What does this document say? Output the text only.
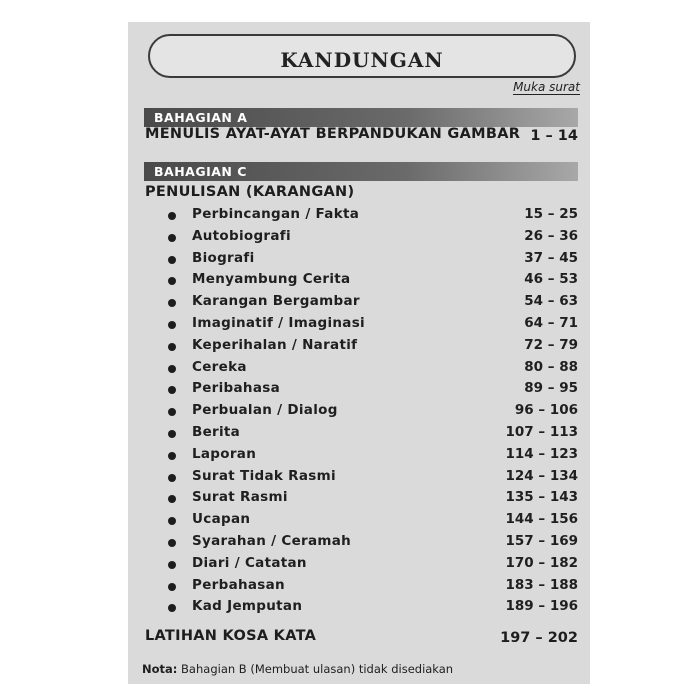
KANDUNGAN
Muka surat
BAHAGIAN A
MENULIS AYAT-AYAT BERPANDUKAN GAMBAR 1 – 14
BAHAGIAN C
PENULISAN (KARANGAN)
Perbincangan / Fakta	15 – 25
Autobiografi	26 – 36
Biografi	37 – 45
Menyambung Cerita	46 – 53
Karangan Bergambar	54 – 63
Imaginatif / Imaginasi	64 – 71
Keperihalan / Naratif	72 – 79
Cereka	80 – 88
Peribahasa	89 – 95
Perbualan / Dialog	96 – 106
Berita	107 – 113
Laporan	114 – 123
Surat Tidak Rasmi	124 – 134
Surat Rasmi	135 – 143
Ucapan	144 – 156
Syarahan / Ceramah	157 – 169
Diari / Catatan	170 – 182
Perbahasan	183 – 188
Kad Jemputan	189 – 196
LATIHAN KOSA KATA	197 – 202
Nota: Bahagian B (Membuat ulasan) tidak disediakan
